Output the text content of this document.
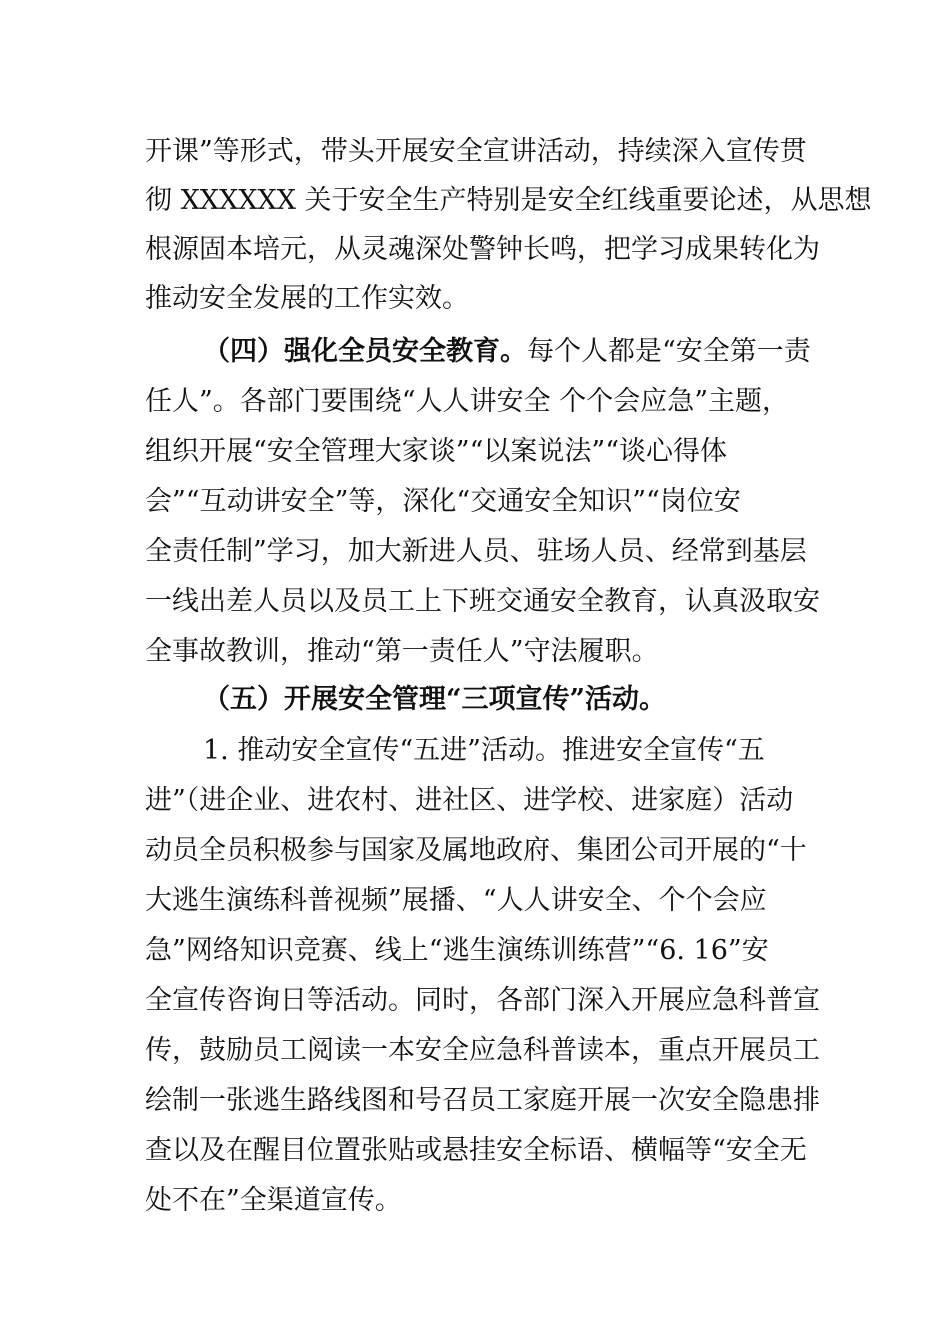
开课”等形式，带头开展安全宣讲活动，持续深入宣传贯
彻 XXXXXX 关于安全生产特别是安全红线重要论述，从思想
根源固本培元，从灵魂深处警钟长鸣，把学习成果转化为
推动安全发展的工作实效。
（四）强化全员安全教育。每个人都是“安全第一责
任人”。各部门要围绕“人人讲安全 个个会应急”主题，
组织开展“安全管理大家谈”“以案说法”“谈心得体
会”“互动讲安全”等，深化“交通安全知识”“岗位安
全责任制”学习，加大新进人员、驻场人员、经常到基层
一线出差人员以及员工上下班交通安全教育，认真汲取安
全事故教训，推动“第一责任人”守法履职。
（五）开展安全管理“三项宣传”活动。
1. 推动安全宣传“五进”活动。推进安全宣传“五
进”（进企业、进农村、进社区、进学校、进家庭）活动
动员全员积极参与国家及属地政府、集团公司开展的“十
大逃生演练科普视频”展播、“人人讲安全、个个会应
急”网络知识竞赛、线上“逃生演练训练营”“6. 16”安
全宣传咨询日等活动。同时，各部门深入开展应急科普宣
传，鼓励员工阅读一本安全应急科普读本，重点开展员工
绘制一张逃生路线图和号召员工家庭开展一次安全隐患排
查以及在醒目位置张贴或悬挂安全标语、横幅等“安全无
处不在”全渠道宣传。
